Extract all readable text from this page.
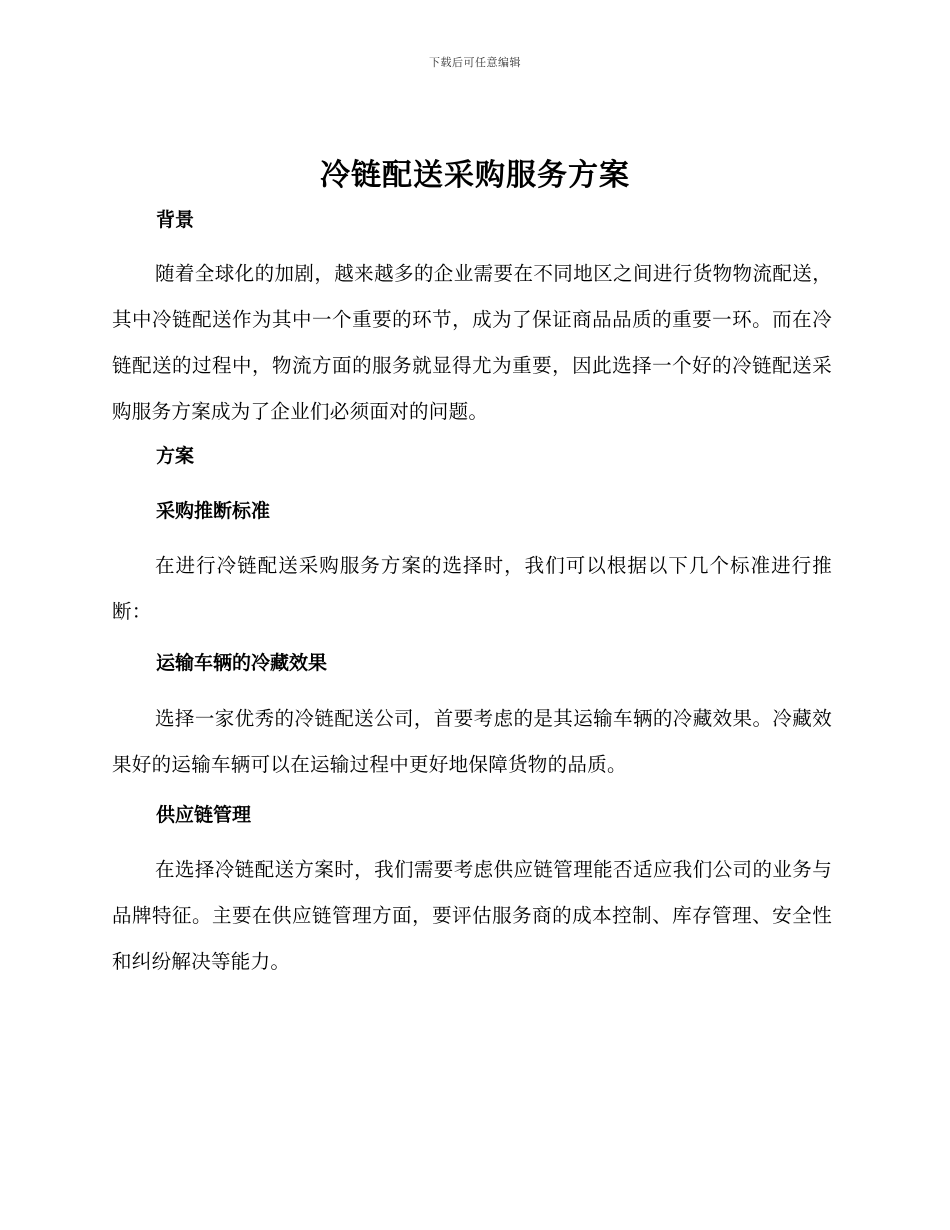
下载后可任意编辑
冷链配送采购服务方案
背景

随着全球化的加剧，越来越多的企业需要在不同地区之间进行货物物流配送，其中冷链配送作为其中一个重要的环节，成为了保证商品品质的重要一环。而在冷链配送的过程中，物流方面的服务就显得尤为重要，因此选择一个好的冷链配送采购服务方案成为了企业们必须面对的问题。

方案
采购推断标准

在进行冷链配送采购服务方案的选择时，我们可以根据以下几个标准进行推断：

运输车辆的冷藏效果

选择一家优秀的冷链配送公司，首要考虑的是其运输车辆的冷藏效果。冷藏效果好的运输车辆可以在运输过程中更好地保障货物的品质。

供应链管理

在选择冷链配送方案时，我们需要考虑供应链管理能否适应我们公司的业务与品牌特征。主要在供应链管理方面，要评估服务商的成本控制、库存管理、安全性和纠纷解决等能力。
